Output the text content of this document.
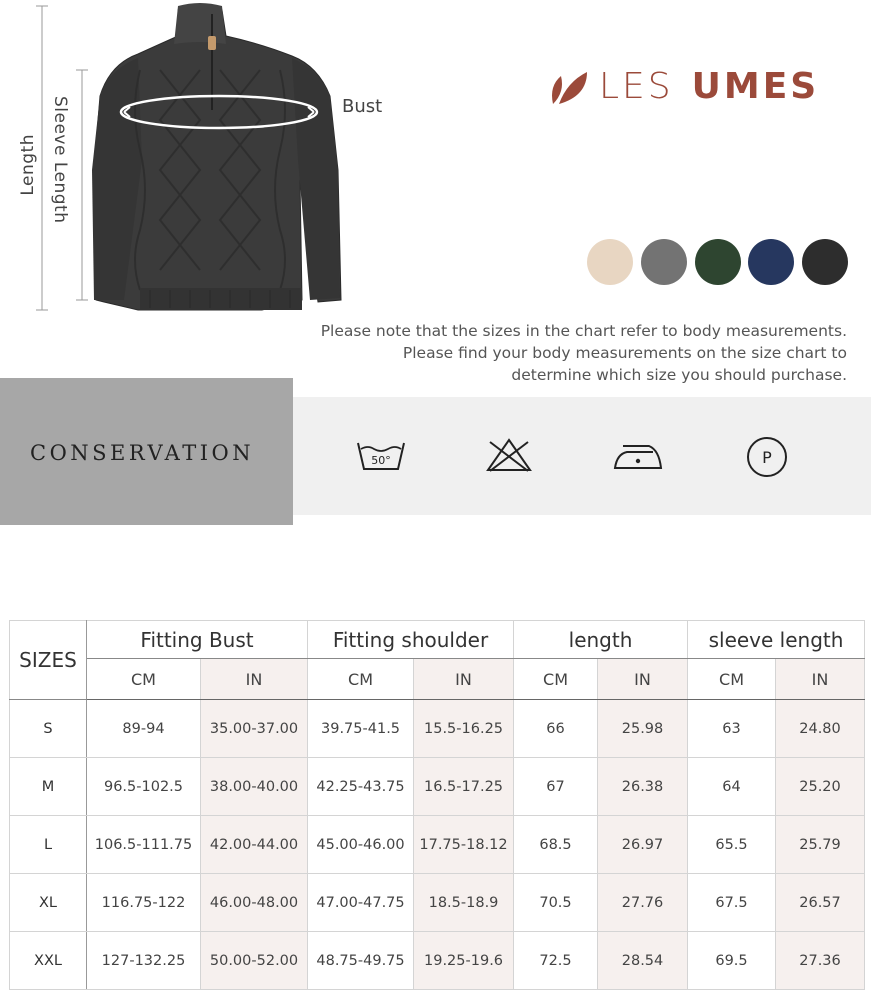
Length Sleeve Length	Bust	LES UMES
Please note that the sizes in the chart refer to body measurements.
Please find your body measurements on the size chart to
determine which size you should purchase.
CONSERVATION	50°	P
SIZES	Fitting Bust		Fitting shoulder		length		sleeve length	
	CM	IN	CM	IN	CM	IN	CM	IN
S	89-94	35.00-37.00	39.75-41.5	15.5-16.25	66	25.98	63	24.80
M	96.5-102.5	38.00-40.00	42.25-43.75	16.5-17.25	67	26.38	64	25.20
L	106.5-111.75	42.00-44.00	45.00-46.00	17.75-18.12	68.5	26.97	65.5	25.79
XL	116.75-122	46.00-48.00	47.00-47.75	18.5-18.9	70.5	27.76	67.5	26.57
XXL	127-132.25	50.00-52.00	48.75-49.75	19.25-19.6	72.5	28.54	69.5	27.36
